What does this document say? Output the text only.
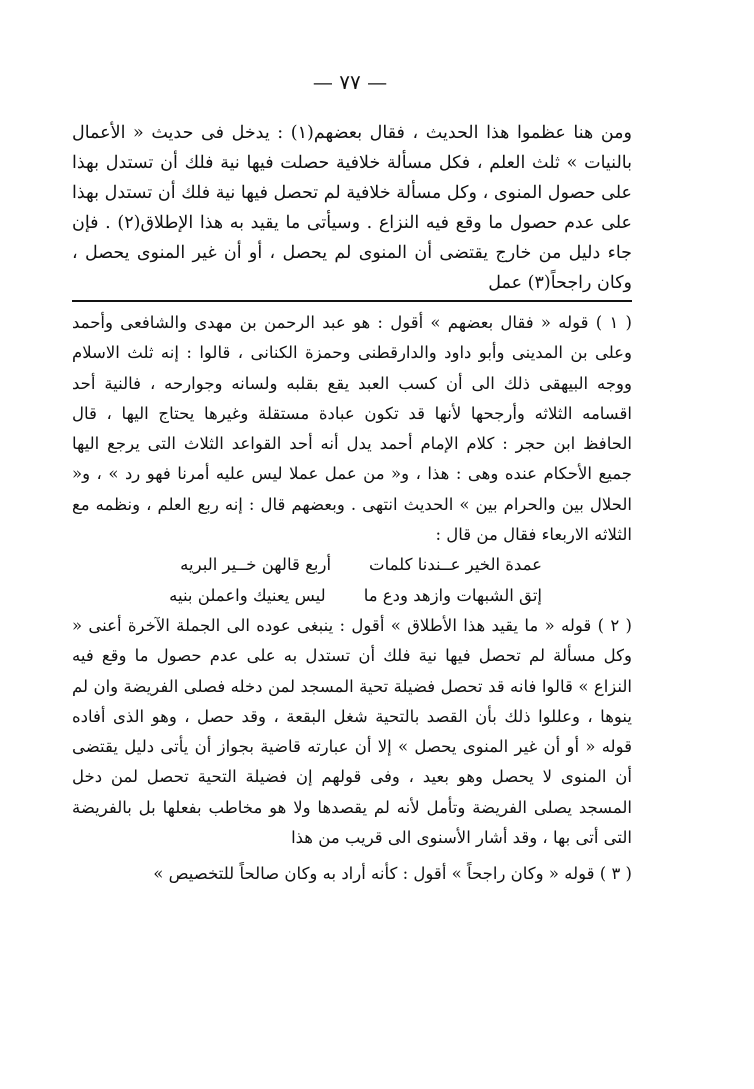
— ٧٧ —

ومن هنا عظموا هذا الحديث ، فقال بعضهم(١) : يدخل فى حديث « الأعمال بالنيات » ثلث العلم ، فكل مسألة خلافية حصلت فيها نية فلك أن تستدل بهذا على حصول المنوى ، وكل مسألة خلافية لم تحصل فيها نية فلك أن تستدل بهذا على عدم حصول ما وقع فيه النزاع . وسيأتى ما يقيد به هذا الإطلاق(٢) . فإن جاء دليل من خارج يقتضى أن المنوى لم يحصل ، أو أن غير المنوى يحصل ، وكان راجحاً(٣) عمل

( ١ ) قوله « فقال بعضهم » أقول : هو عبد الرحمن بن مهدى والشافعى وأحمد وعلى بن المدينى وأبو داود والدارقطنى وحمزة الكنانى ، قالوا : إنه ثلث الاسلام ووجه البيهقى ذلك الى أن كسب العبد يقع بقلبه ولسانه وجوارحه ، فالنية أحد اقسامه الثلاثه وأرجحها لأنها قد تكون عبادة مستقلة وغيرها يحتاج اليها ، قال الحافظ ابن حجر : كلام الإمام أحمد يدل أنه أحد القواعد الثلاث التى يرجع اليها جميع الأحكام عنده وهى : هذا ، و« من عمل عملا ليس عليه أمرنا فهو رد » ، و« الحلال بين والحرام بين » الحديث انتهى . وبعضهم قال : إنه ربع العلم ، ونظمه مع الثلاثه الاربعاء فقال من قال :

عمدة الخير عــندنا كلمات
أربع قالهن خــير البريه
إتق الشبهات وازهد ودع ما
ليس يعنيك واعملن بنيه

( ٢ ) قوله « ما يقيد هذا الأطلاق » أقول : ينبغى عوده الى الجملة الآخرة أعنى « وكل مسألة لم تحصل فيها نية فلك أن تستدل به على عدم حصول ما وقع فيه النزاع » قالوا فانه قد تحصل فضيلة تحية المسجد لمن دخله فصلى الفريضة وان لم ينوها ، وعللوا ذلك بأن القصد بالتحية شغل البقعة ، وقد حصل ، وهو الذى أفاده قوله « أو أن غير المنوى يحصل » إلا أن عبارته قاضية بجواز أن يأتى دليل يقتضى أن المنوى لا يحصل وهو بعيد ، وفى قولهم إن فضيلة التحية تحصل لمن دخل المسجد يصلى الفريضة وتأمل لأنه لم يقصدها ولا هو مخاطب بفعلها بل بالفريضة التى أتى بها ، وقد أشار الأسنوى الى قريب من هذا

( ٣ ) قوله « وكان راجحاً » أقول : كأنه أراد به وكان صالحاً للتخصيص »
